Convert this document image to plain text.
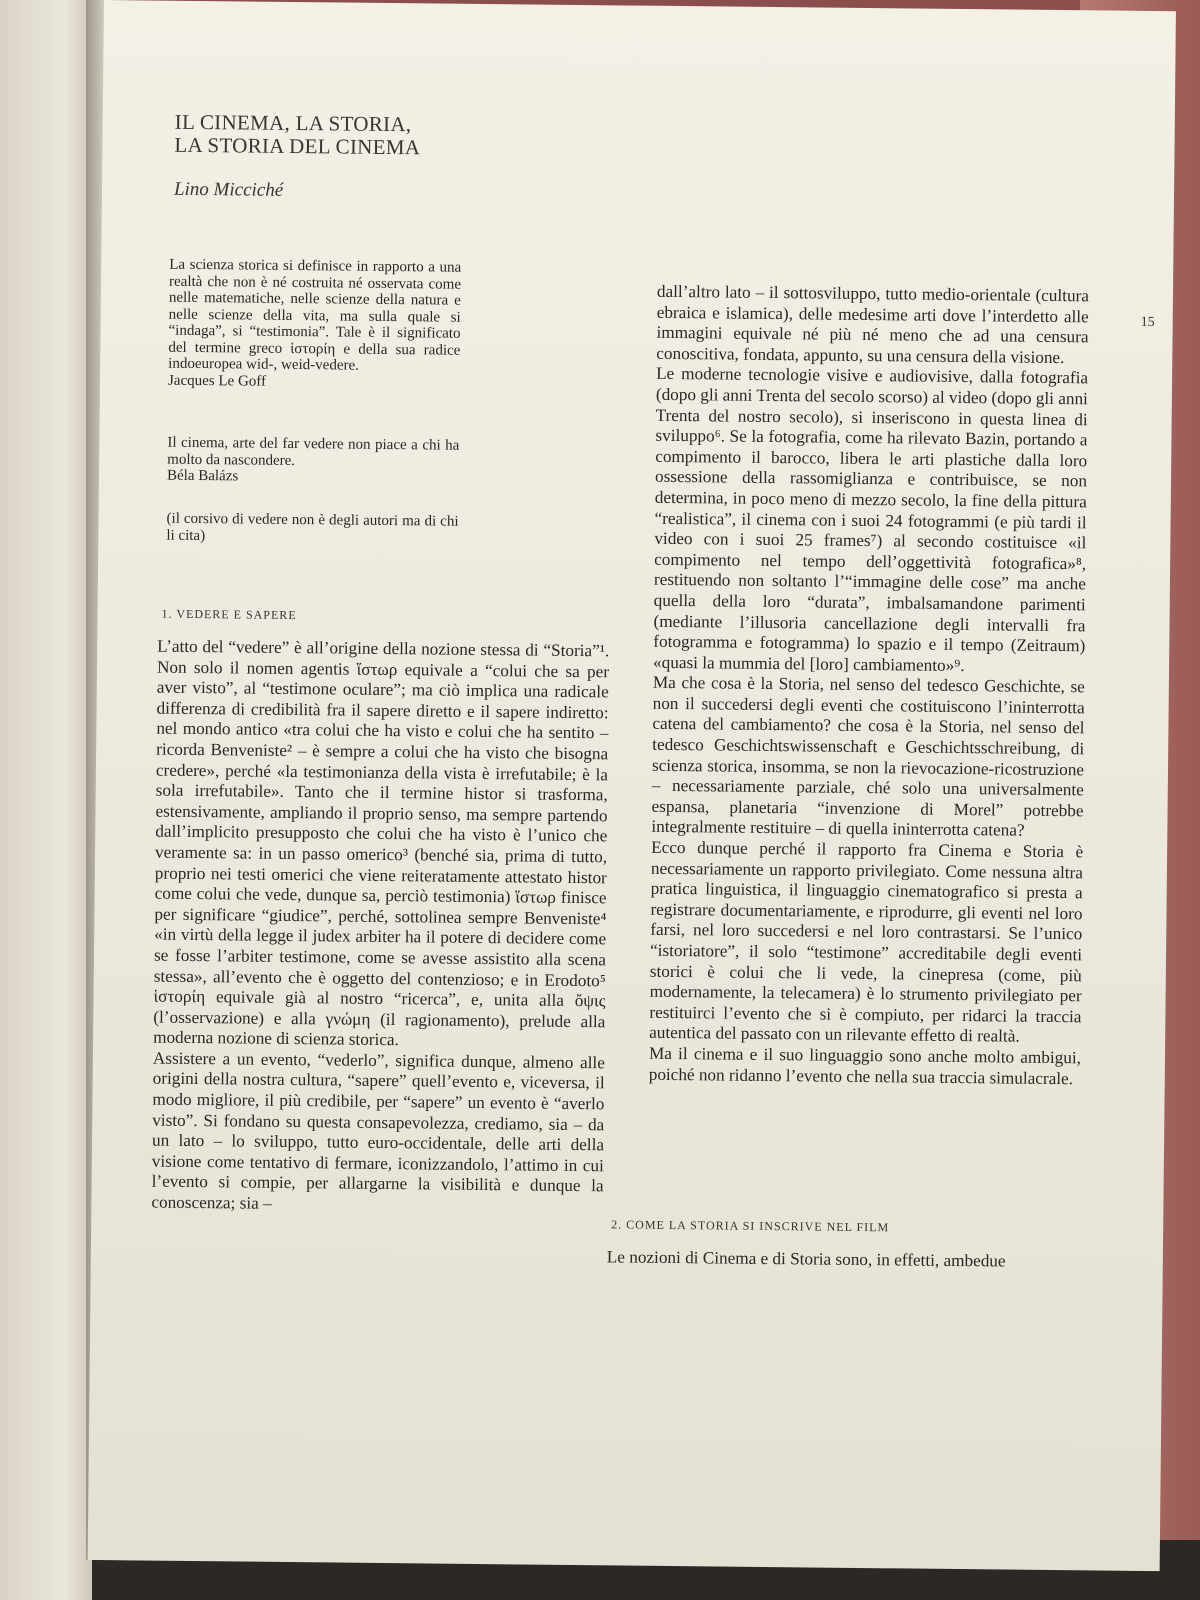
IL CINEMA, LA STORIA,
LA STORIA DEL CINEMA
Lino Micciché

La scienza storica si definisce in rapporto a una realtà che non è né costruita né osservata come nelle matematiche, nelle scienze della natura e nelle scienze della vita, ma sulla quale si “indaga”, si “testimonia”. Tale è il significato del termine greco ἱστορίη e della sua radice indoeuropea wid-, weid-vedere.

Jacques Le Goff

Il cinema, arte del far vedere non piace a chi ha molto da nascondere.

Béla Balázs

(il corsivo di vedere non è degli autori ma di chi li cita)

1. VEDERE E SAPERE

L’atto del “vedere” è all’origine della nozione stessa di “Storia”¹. Non solo il nomen agentis ἵστωρ equivale a “colui che sa per aver visto”, al “testimone oculare”; ma ciò implica una radicale differenza di credibilità fra il sapere diretto e il sapere indiretto: nel mondo antico «tra colui che ha visto e colui che ha sentito – ricorda Benveniste² – è sempre a colui che ha visto che bisogna credere», perché «la testimonianza della vista è irrefutabile; è la sola irrefutabile». Tanto che il termine histor si trasforma, estensivamente, ampliando il proprio senso, ma sempre partendo dall’implicito presupposto che colui che ha visto è l’unico che veramente sa: in un passo omerico³ (benché sia, prima di tutto, proprio nei testi omerici che viene reiteratamente attestato histor come colui che vede, dunque sa, perciò testimonia) ἵστωρ finisce per significare “giudice”, perché, sottolinea sempre Benveniste⁴ «in virtù della legge il judex arbiter ha il potere di decidere come se fosse l’arbiter testimone, come se avesse assistito alla scena stessa», all’evento che è oggetto del contenzioso; e in Erodoto⁵ ἱστορίη equivale già al nostro “ricerca”, e, unita alla ὄψις (l’osservazione) e alla γνώμη (il ragionamento), prelude alla moderna nozione di scienza storica.

Assistere a un evento, “vederlo”, significa dunque, almeno alle origini della nostra cultura, “sapere” quell’evento e, viceversa, il modo migliore, il più credibile, per “sapere” un evento è “averlo visto”. Si fondano su questa consapevolezza, crediamo, sia – da un lato – lo sviluppo, tutto euro-occidentale, delle arti della visione come tentativo di fermare, iconizzandolo, l’attimo in cui l’evento si compie, per allargarne la visibilità e dunque la conoscenza; sia –

15

dall’altro lato – il sottosviluppo, tutto medio-orientale (cultura ebraica e islamica), delle medesime arti dove l’interdetto alle immagini equivale né più né meno che ad una censura conoscitiva, fondata, appunto, su una censura della visione.

Le moderne tecnologie visive e audiovisive, dalla fotografia (dopo gli anni Trenta del secolo scorso) al video (dopo gli anni Trenta del nostro secolo), si inseriscono in questa linea di sviluppo⁶. Se la fotografia, come ha rilevato Bazin, portando a compimento il barocco, libera le arti plastiche dalla loro ossessione della rassomiglianza e contribuisce, se non determina, in poco meno di mezzo secolo, la fine della pittura “realistica”, il cinema con i suoi 24 fotogrammi (e più tardi il video con i suoi 25 frames⁷) al secondo costituisce «il compimento nel tempo dell’oggettività fotografica»⁸, restituendo non soltanto l’“immagine delle cose” ma anche quella della loro “durata”, imbalsamandone parimenti (mediante l’illusoria cancellazione degli intervalli fra fotogramma e fotogramma) lo spazio e il tempo (Zeitraum) «quasi la mummia del [loro] cambiamento»⁹.

Ma che cosa è la Storia, nel senso del tedesco Geschichte, se non il succedersi degli eventi che costituiscono l’ininterrotta catena del cambiamento? che cosa è la Storia, nel senso del tedesco Geschichtswissenschaft e Geschichtsschreibung, di scienza storica, insomma, se non la rievocazione-ricostruzione – necessariamente parziale, ché solo una universalmente espansa, planetaria “invenzione di Morel” potrebbe integralmente restituire – di quella ininterrotta catena?

Ecco dunque perché il rapporto fra Cinema e Storia è necessariamente un rapporto privilegiato. Come nessuna altra pratica linguistica, il linguaggio cinematografico si presta a registrare documentariamente, e riprodurre, gli eventi nel loro farsi, nel loro succedersi e nel loro contrastarsi. Se l’unico “istoriatore”, il solo “testimone” accreditabile degli eventi storici è colui che li vede, la cinepresa (come, più modernamente, la telecamera) è lo strumento privilegiato per restituirci l’evento che si è compiuto, per ridarci la traccia autentica del passato con un rilevante effetto di realtà.

Ma il cinema e il suo linguaggio sono anche molto ambigui, poiché non ridanno l’evento che nella sua traccia simulacrale.

2. COME LA STORIA SI INSCRIVE NEL FILM
Le nozioni di Cinema e di Storia sono, in effetti, ambedue
